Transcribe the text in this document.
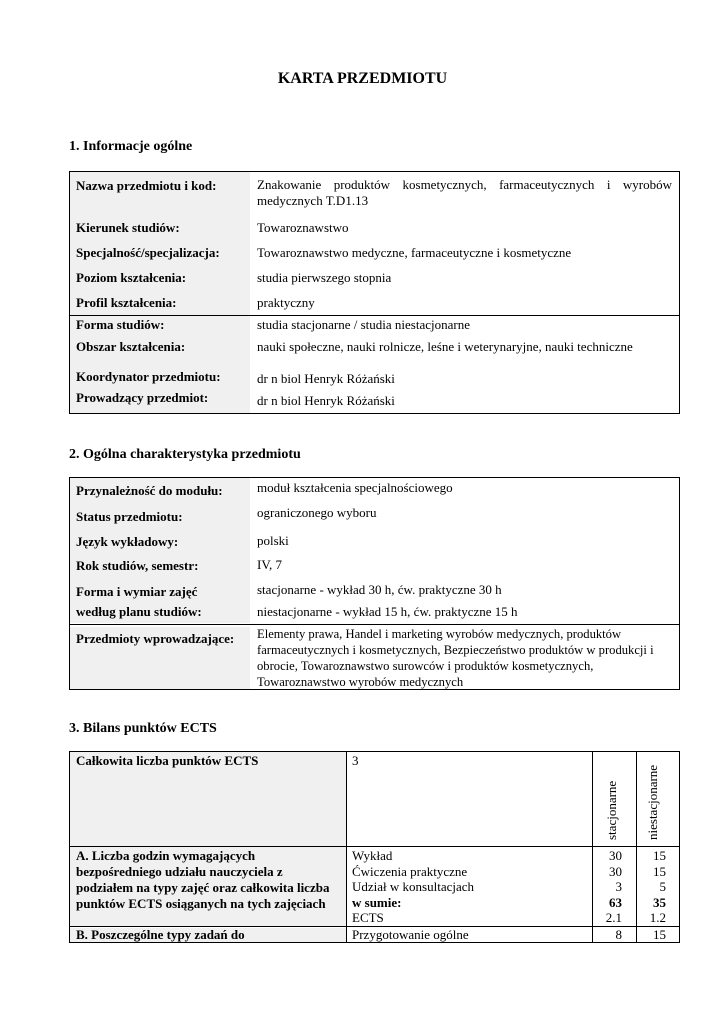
KARTA PRZEDMIOTU
1. Informacje ogólne
Nazwa przedmiotu i kod:	Znakowanie produktów kosmetycznych, farmaceutycznych i wyrobów medycznych T.D1.13
Kierunek studiów:	Towaroznawstwo
Specjalność/specjalizacja:	Towaroznawstwo medyczne, farmaceutyczne i kosmetyczne
Poziom kształcenia:	studia pierwszego stopnia
Profil kształcenia:	praktyczny
Forma studiów:	studia stacjonarne / studia niestacjonarne
Obszar kształcenia:	nauki społeczne, nauki rolnicze, leśne i weterynaryjne, nauki techniczne
Koordynator przedmiotu:	dr n biol Henryk Różański
Prowadzący przedmiot:	dr n biol Henryk Różański
2. Ogólna charakterystyka przedmiotu
Przynależność do modułu:	moduł kształcenia specjalnościowego
Status przedmiotu:	ograniczonego wyboru
Język wykładowy:	polski
Rok studiów, semestr:	IV, 7
Forma i wymiar zajęć	stacjonarne - wykład 30 h, ćw. praktyczne 30 h
według planu studiów:	niestacjonarne - wykład 15 h, ćw. praktyczne 15 h
Przedmioty wprowadzające: Elementy prawa, Handel i marketing wyrobów medycznych, produktów farmaceutycznych i kosmetycznych, Bezpieczeństwo produktów w produkcji i obrocie, Towaroznawstwo surowców i produktów kosmetycznych, Towaroznawstwo wyrobów medycznych
3. Bilans punktów ECTS
Całkowita liczba punktów ECTS	3
stacjonarne niestacjonarne
A. Liczba godzin wymagających bezpośredniego udziału nauczyciela z podziałem na typy zajęć oraz całkowita liczba punktów ECTS osiąganych na tych zajęciach
Wykład	30	15
Ćwiczenia praktyczne	30	15
Udział w konsultacjach	3	5
w sumie:	63	35
ECTS	2.1	1.2
B. Poszczególne typy zadań do	Przygotowanie ogólne	8	15
